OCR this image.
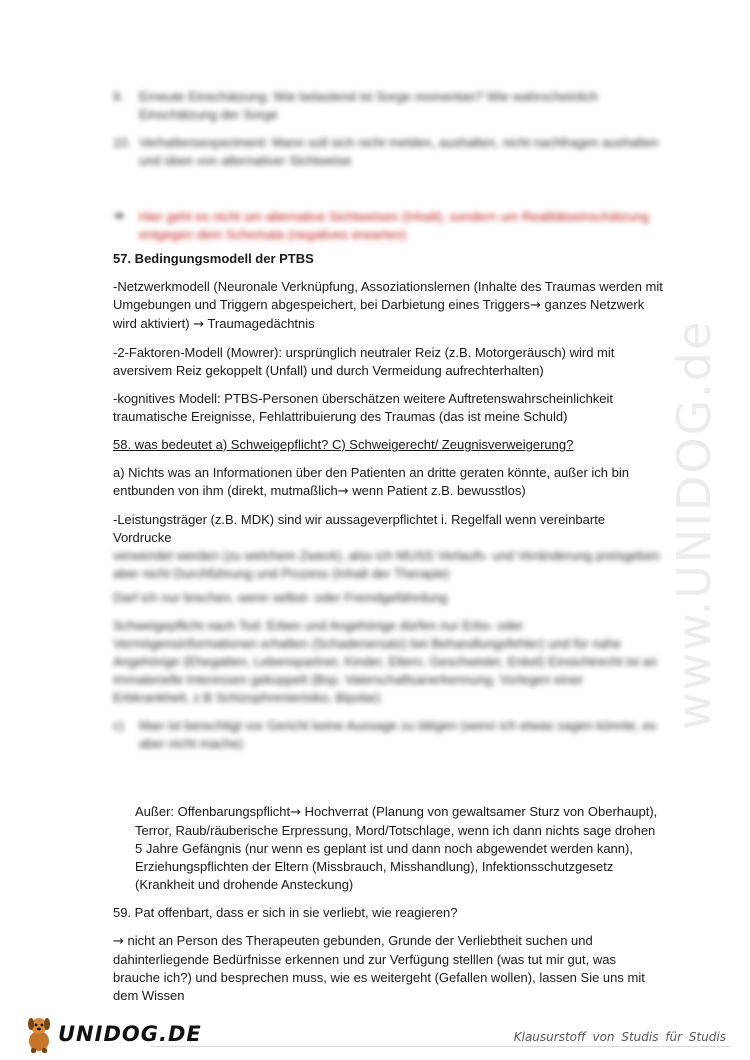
www.UNIDOG.de
9.	Erneute Einschätzung: Wie belastend ist Sorge momentan? Wie wahrscheinlich Einschätzung der Sorge
10. Verhaltensexperiment: Mann soll sich nicht melden, aushalten, nicht nachfragen aushalten und üben von alternativer Sichtweise
➜	Hier geht es nicht um alternative Sichtweisen (Inhalt), sondern um Realitätseinschätzung entgegen dem Schemata (negatives erwarten)
57. Bedingungsmodell der PTBS

-Netzwerkmodell (Neuronale Verknüpfung, Assoziationslernen (Inhalte des Traumas werden mit Umgebungen und Triggern abgespeichert, bei Darbietung eines Triggers→ ganzes Netzwerk wird aktiviert) → Traumagedächtnis

-2-Faktoren-Modell (Mowrer): ursprünglich neutraler Reiz (z.B. Motorgeräusch) wird mit aversivem Reiz gekoppelt (Unfall) und durch Vermeidung aufrechterhalten)

-kognitives Modell: PTBS-Personen überschätzen weitere Auftretenswahrscheinlichkeit traumatische Ereignisse, Fehlattribuierung des Traumas (das ist meine Schuld)

58. was bedeutet a) Schweigepflicht? C) Schweigerecht/ Zeugnisverweigerung?

a) Nichts was an Informationen über den Patienten an dritte geraten könnte, außer ich bin entbunden von ihm (direkt, mutmaßlich→ wenn Patient z.B. bewusstlos)

-Leistungsträger (z.B. MDK) sind wir aussageverpflichtet i. Regelfall wenn vereinbarte Vordrucke
verwendet werden (zu welchem Zweck), also ich MUSS Verlaufs- und Veränderung preisgeben aber nicht Durchführung und Prozess (Inhalt der Therapie)

Darf ich nur brechen, wenn selbst- oder Fremdgefährdung

Schweigepflicht nach Tod: Erben und Angehörige dürfen nur Erbs- oder Vermögensinformationen erhalten (Schadenersatz) bei Behandlungsfehler) und für nahe Angehörige (Ehegatten, Lebenspartner, Kinder, Eltern, Geschwister, Enkel) Einsichtrecht ist an immaterielle Interessen gekoppelt (Bsp. Vaterschaftsanerkennung, Vorlegen einer Erbkrankheit, z.B Schizophrenierisiko, Bipolar)

c)	Man ist berechtigt vor Gericht keine Aussage zu tätigen (wenn ich etwas sagen könnte, es aber nicht mache)

Außer: Offenbarungspflicht→ Hochverrat (Planung von gewaltsamer Sturz von Oberhaupt), Terror, Raub/räuberische Erpressung, Mord/Totschlage, wenn ich dann nichts sage drohen 5 Jahre Gefängnis (nur wenn es geplant ist und dann noch abgewendet werden kann), Erziehungspflichten der Eltern (Missbrauch, Misshandlung), Infektionsschutzgesetz (Krankheit und drohende Ansteckung)

59. Pat offenbart, dass er sich in sie verliebt, wie reagieren?

→ nicht an Person des Therapeuten gebunden, Grunde der Verliebtheit suchen und dahinterliegende Bedürfnisse erkennen und zur Verfügung stelllen (was tut mir gut, was brauche ich?) und besprechen muss, wie es weitergeht (Gefallen wollen), lassen Sie uns mit dem Wissen

UNIDOG.DE	Klausurstoff von Studis für Studis
